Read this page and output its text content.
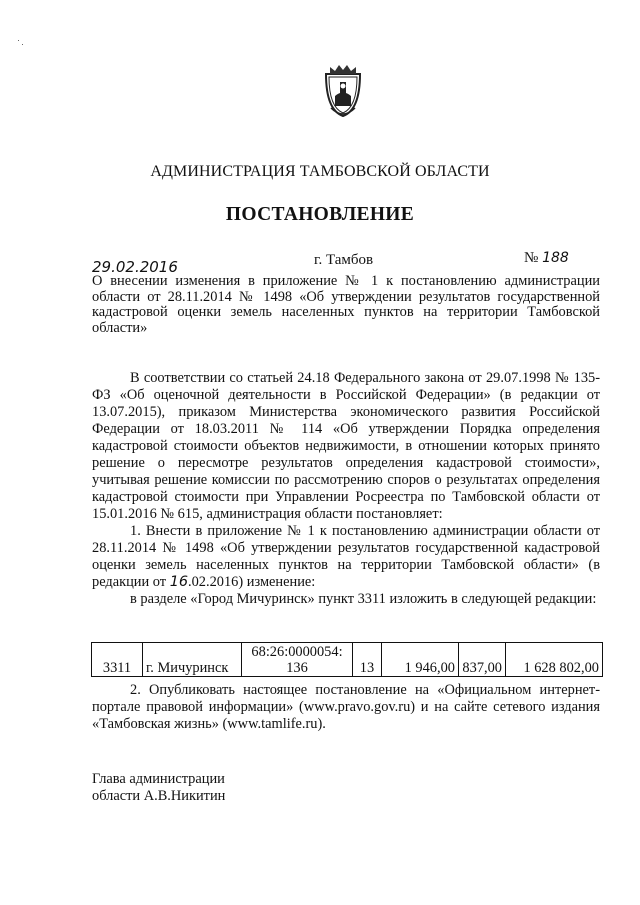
АДМИНИСТРАЦИЯ ТАМБОВСКОЙ ОБЛАСТИ
ПОСТАНОВЛЕНИЕ
29.02.2016	г. Тамбов	№ 188
О внесении изменения в приложение № 1 к постановлению администрации области от 28.11.2014 № 1498 «Об утверждении результатов государственной кадастровой оценки земель населенных пунктов на территории Тамбовской области»

В соответствии со статьей 24.18 Федерального закона от 29.07.1998 № 135-ФЗ «Об оценочной деятельности в Российской Федерации» (в редакции от 13.07.2015), приказом Министерства экономического развития Российской Федерации от 18.03.2011 № 114 «Об утверждении Порядка определения кадастровой стоимости объектов недвижимости, в отношении которых принято решение о пересмотре результатов определения кадастровой стоимости», учитывая решение комиссии по рассмотрению споров о результатах определения кадастровой стоимости при Управлении Росреестра по Тамбовской области от 15.01.2016 № 615, администрация области постановляет:

1. Внести в приложение № 1 к постановлению администрации области от 28.11.2014 № 1498 «Об утверждении результатов государственной кадастровой оценки земель населенных пунктов на территории Тамбовской области» (в редакции от 16.02.2016) изменение:

в разделе «Город Мичуринск» пункт 3311 изложить в следующей редакции:

3311	г. Мичуринск	68:26:0000054: 136	13	1 946,00	837,00	1 628 802,00

2. Опубликовать настоящее постановление на «Официальном интернет-портале правовой информации» (www.pravo.gov.ru) и на сайте сетевого издания «Тамбовская жизнь» (www.tamlife.ru).

Глава администрации
области А.В.Никитин
